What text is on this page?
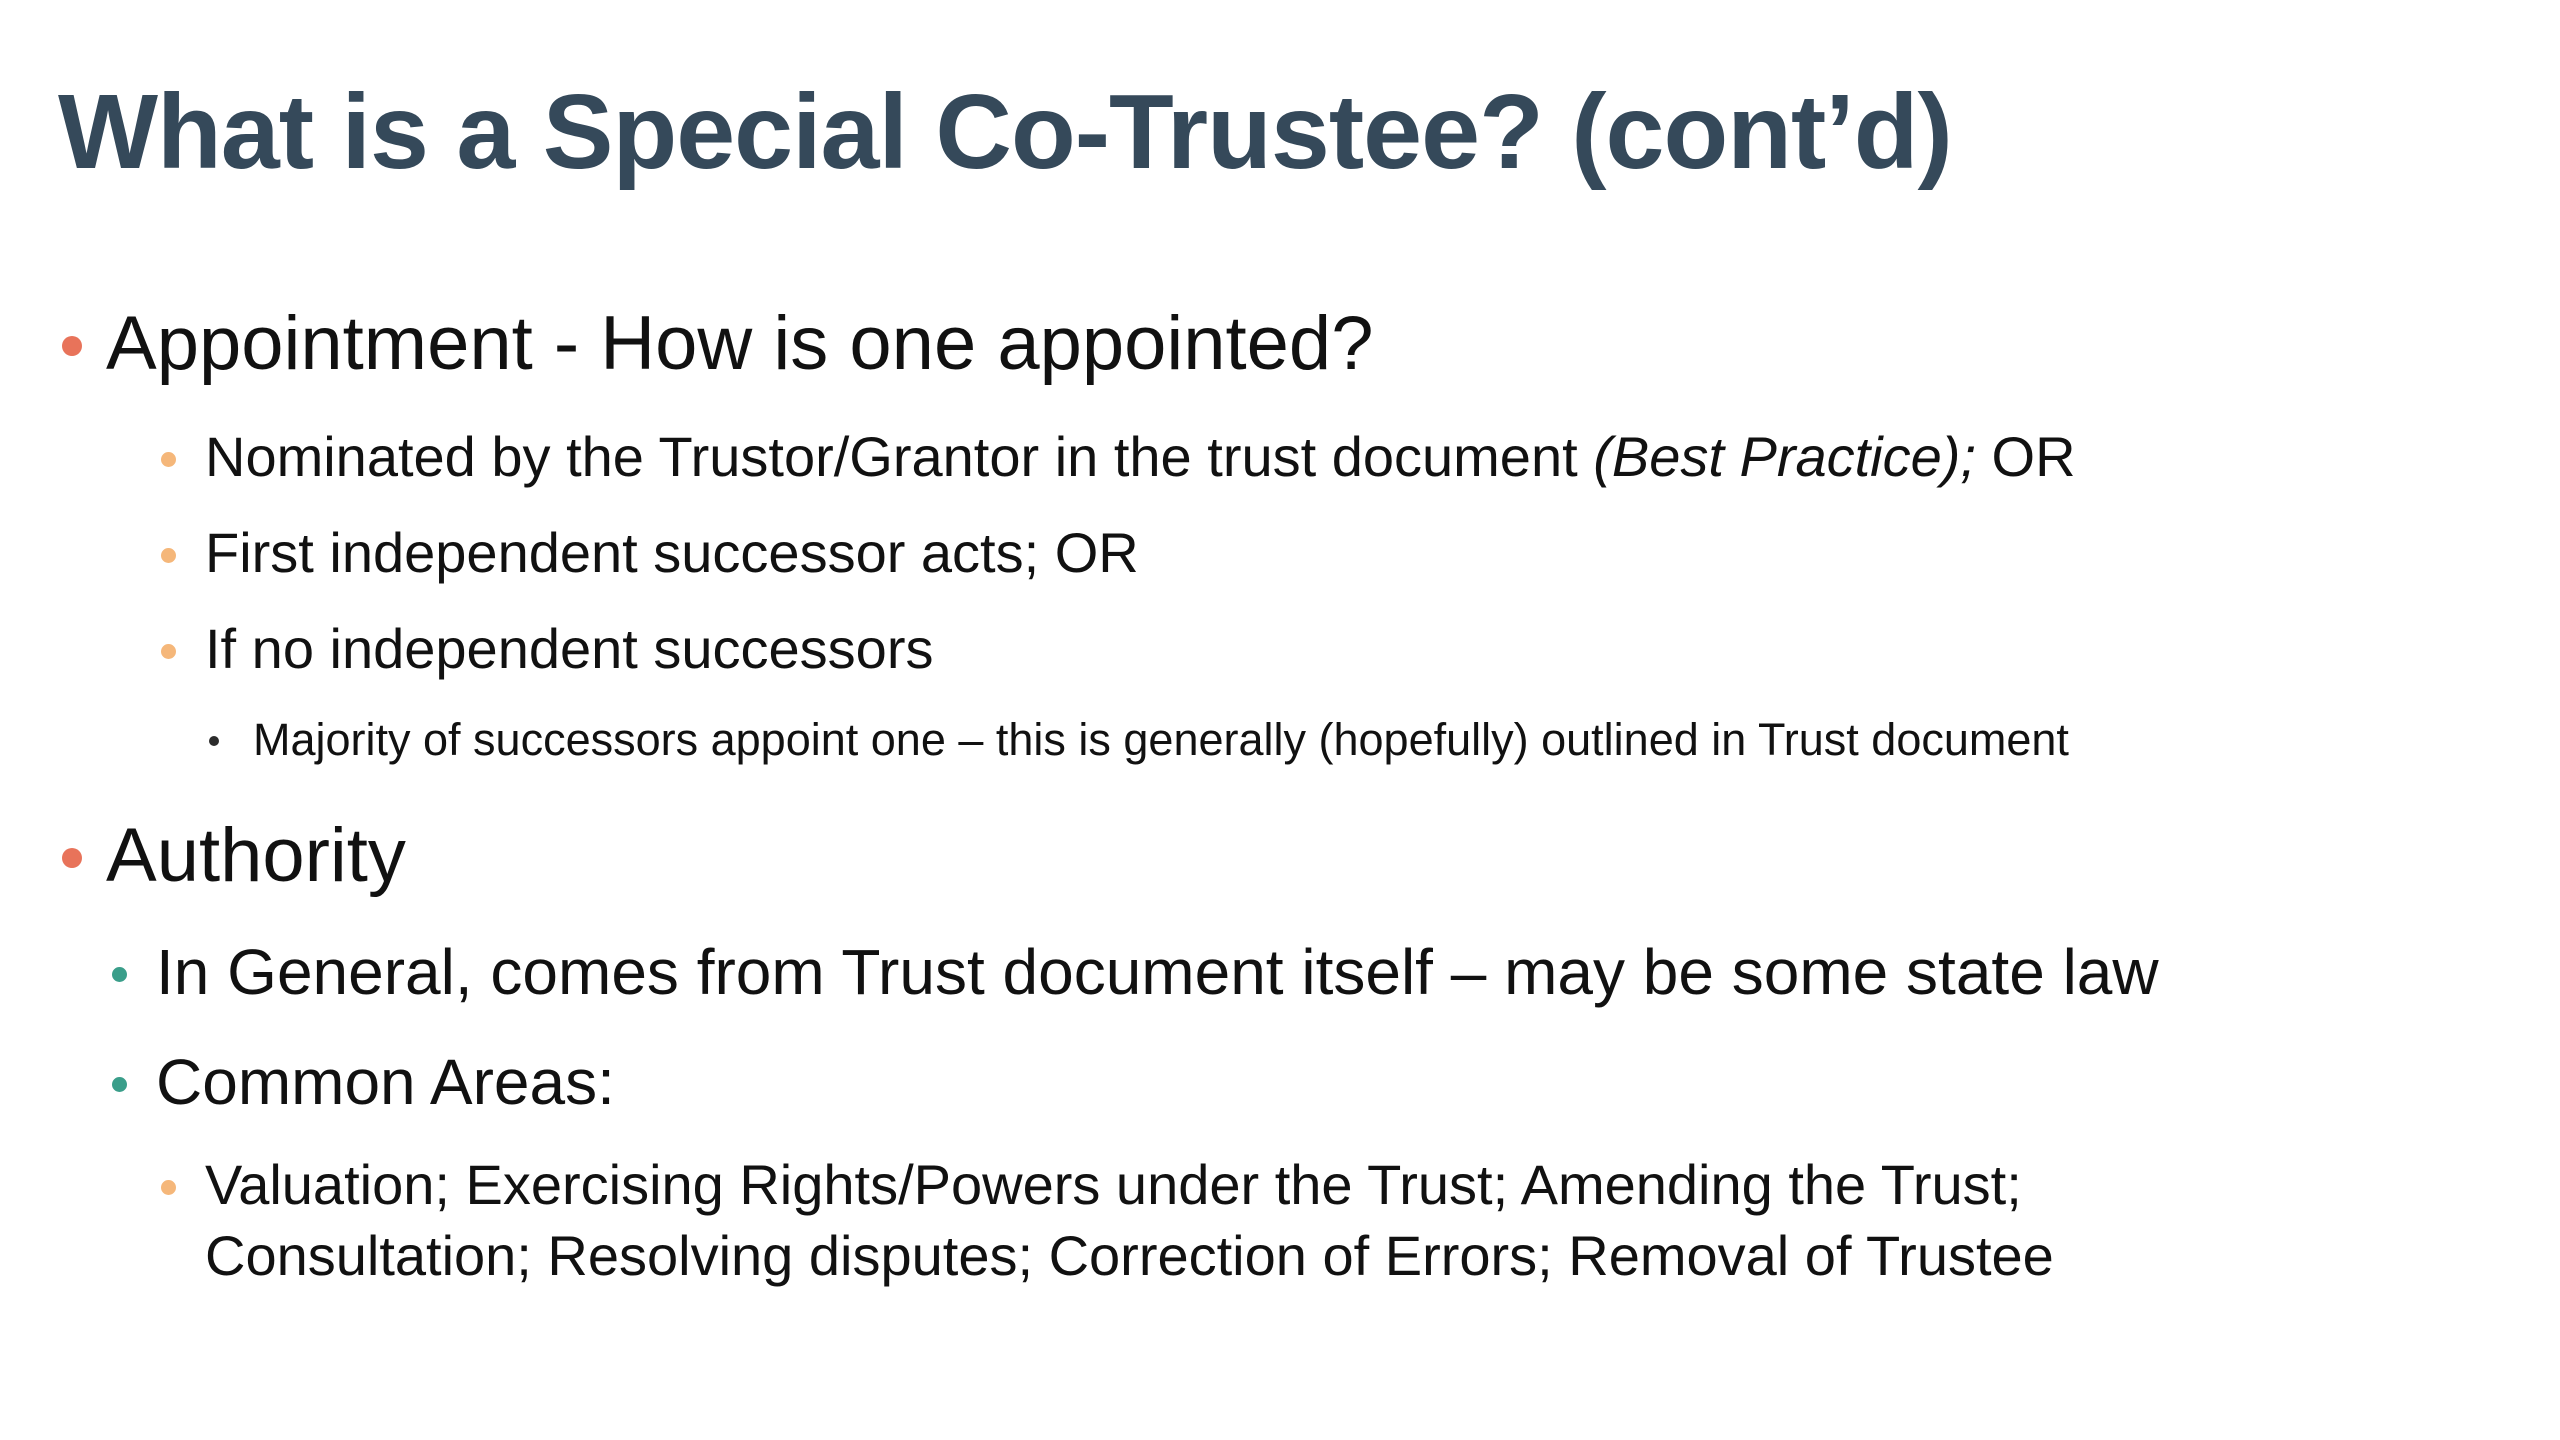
What is a Special Co-Trustee? (cont’d)
Appointment - How is one appointed?
Nominated by the Trustor/Grantor in the trust document (Best Practice); OR
First independent successor acts; OR
If no independent successors
Majority of successors appoint one – this is generally (hopefully) outlined in Trust document
Authority
In General, comes from Trust document itself – may be some state law
Common Areas:
Valuation; Exercising Rights/Powers under the Trust; Amending the Trust;
Consultation; Resolving disputes; Correction of Errors; Removal of Trustee
